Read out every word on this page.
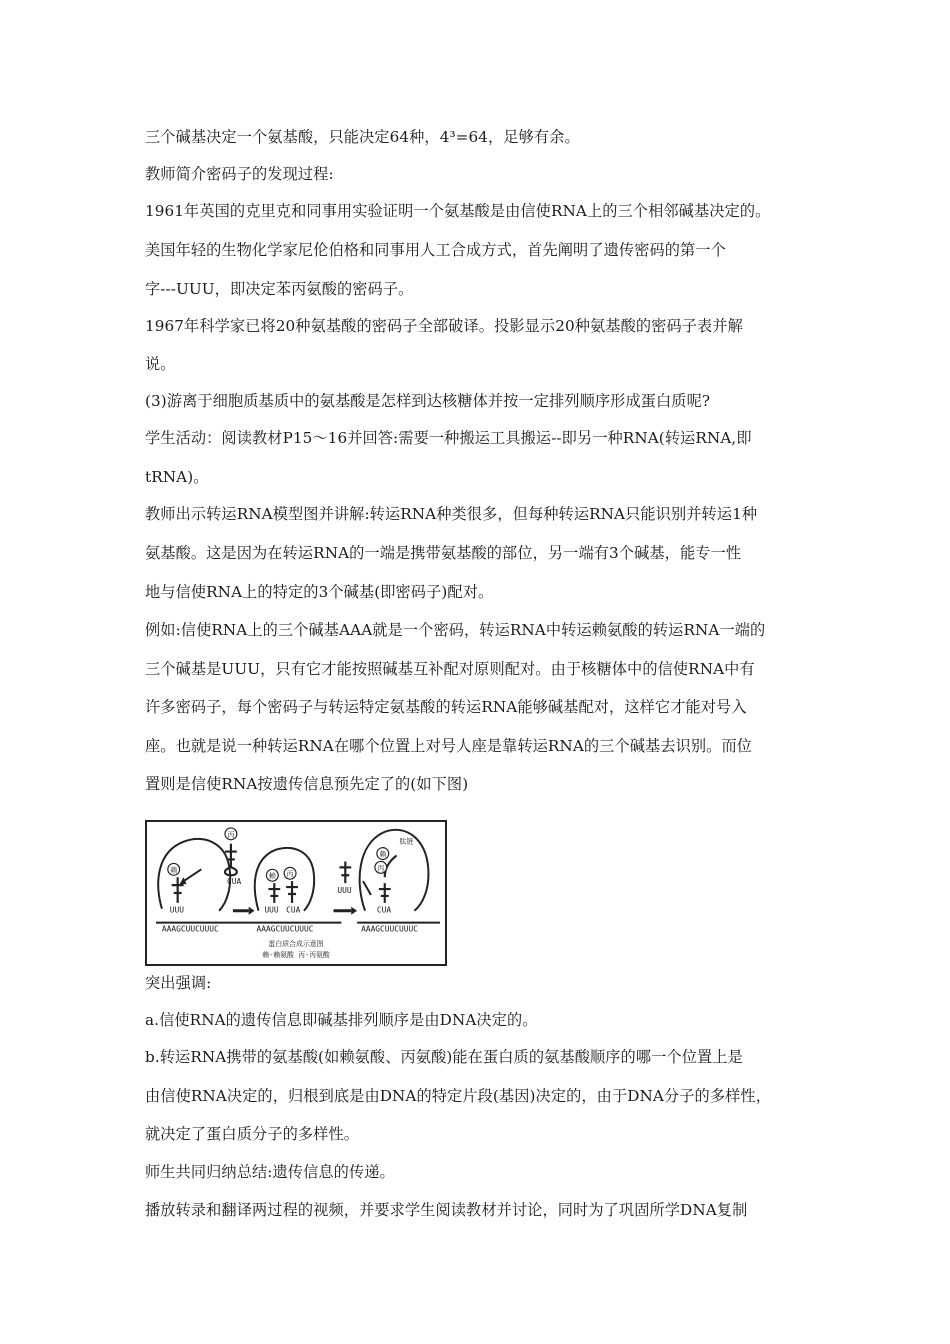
三个碱基决定一个氨基酸，只能决定64种，4³=64，足够有余。
教师简介密码子的发现过程:
1961年英国的克里克和同事用实验证明一个氨基酸是由信使RNA上的三个相邻碱基决定的。
美国年轻的生物化学家尼伦伯格和同事用人工合成方式，首先阐明了遗传密码的第一个
字---UUU，即决定苯丙氨酸的密码子。
1967年科学家已将20种氨基酸的密码子全部破译。投影显示20种氨基酸的密码子表并解
说。
(3)游离于细胞质基质中的氨基酸是怎样到达核糖体并按一定排列顺序形成蛋白质呢?
学生活动：阅读教材P15～16并回答:需要一种搬运工具搬运--即另一种RNA(转运RNA,即
tRNA)。
教师出示转运RNA模型图并讲解:转运RNA种类很多，但每种转运RNA只能识别并转运1种
氨基酸。这是因为在转运RNA的一端是携带氨基酸的部位，另一端有3个碱基，能专一性
地与信使RNA上的特定的3个碱基(即密码子)配对。
例如:信使RNA上的三个碱基AAA就是一个密码，转运RNA中转运赖氨酸的转运RNA一端的
三个碱基是UUU，只有它才能按照碱基互补配对原则配对。由于核糖体中的信使RNA中有
许多密码子，每个密码子与转运特定氨基酸的转运RNA能够碱基配对，这样它才能对号入
座。也就是说一种转运RNA在哪个位置上对号人座是靠转运RNA的三个碱基去识别。而位
置则是信使RNA按遗传信息预先定了的(如下图)
丙
赖
赖 丙
赖
丙
肽链
CUA
UUU	UUU CUA
UUU
CUA
AAAGCUUCUUUC	AAAGCUUCUUUC	AAAGCUUCUUUC
蛋白质合成示意图
赖-赖氨酸 丙-丙氨酸
突出强调:
a.信使RNA的遗传信息即碱基排列顺序是由DNA决定的。
b.转运RNA携带的氨基酸(如赖氨酸、丙氨酸)能在蛋白质的氨基酸顺序的哪一个位置上是
由信使RNA决定的，归根到底是由DNA的特定片段(基因)决定的，由于DNA分子的多样性，
就决定了蛋白质分子的多样性。
师生共同归纳总结:遗传信息的传递。
播放转录和翻译两过程的视频，并要求学生阅读教材并讨论，同时为了巩固所学DNA复制
